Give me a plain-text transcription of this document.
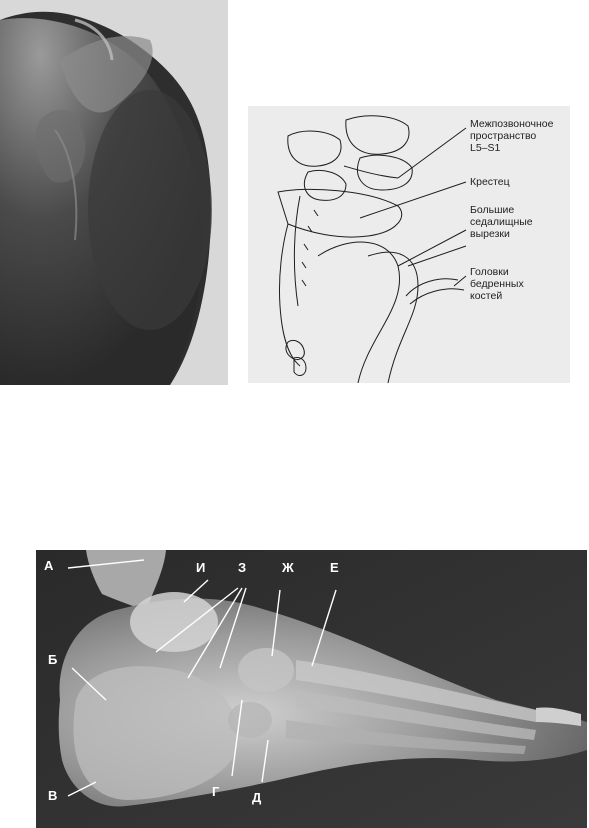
Межпозвоночное
пространство
L5–S1
Крестец
Большие
седалищные
вырезки
Головки
бедренных
костей
А
Б
В	Г	Д
Е
Ж
З
И
